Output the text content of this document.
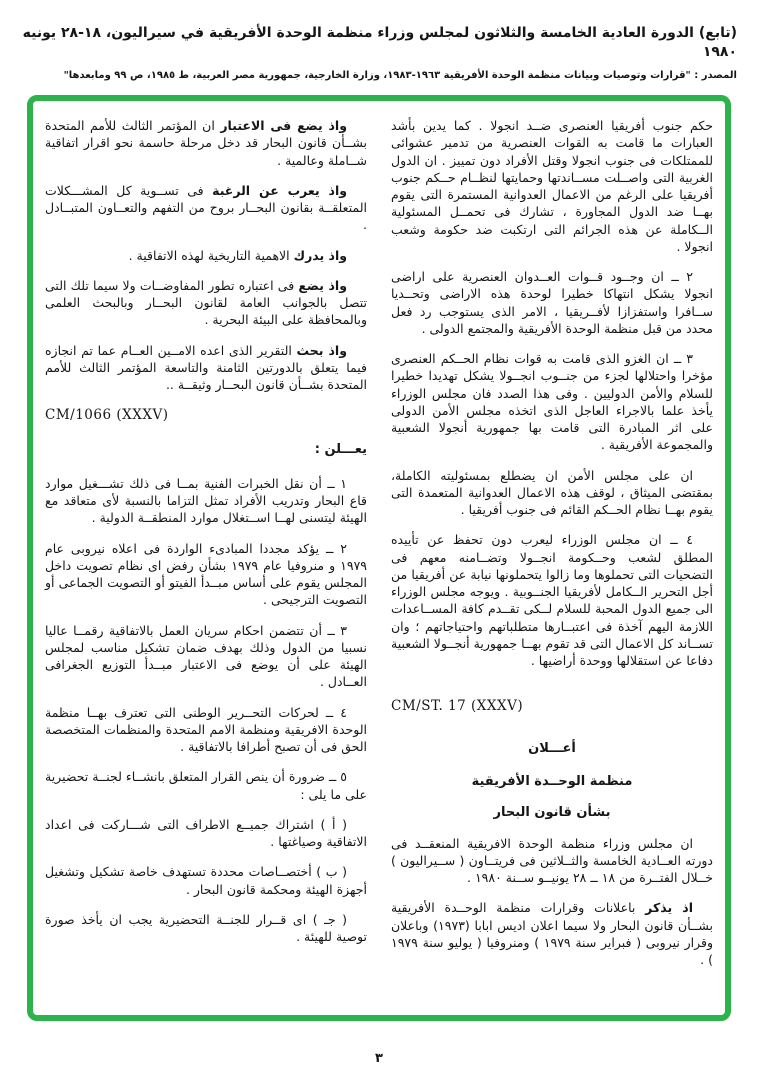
(تابع) الدورة العادية الخامسة والثلاثون لمجلس وزراء منظمة الوحدة الأفريقية في سيراليون، ١٨-٢٨ يونيه ١٩٨٠
المصدر : "قرارات وتوصيات وبيانات منظمة الوحدة الأفريقية ١٩٦٣-١٩٨٣، وزارة الخارجية، جمهورية مصر العربية، ط ١٩٨٥، ص ٩٩ ومابعدها"

حكم جنوب أفريقيا العنصرى ضــد انجولا . كما يدين بأشد العبارات ما قامت به القوات العنصرية من تدمير عشوائى للممتلكات فى جنوب انجولا وقتل الأفراد دون تمييز . ان الدول الغربية التى واصــلت مســاندتها وحمايتها لنظــام حــكم جنوب أفريقيا على الرغم من الاعمال العدوانية المستمرة التى يقوم بهــا ضد الدول المجاورة ، تشارك فى تحمــل المسئولية الــكاملة عن هذه الجرائم التى ارتكبت ضد حكومة وشعب انجولا .

٢ ــ ان وجــود قــوات العــدوان العنصرية على اراضى انجولا يشكل انتهاكا خطيرا لوحدة هذه الاراضى وتحــديا ســافرا واستفزازا لأفــريقيا ، الامر الذى يستوجب رد فعل محدد من قبل منظمة الوحدة الأفريقية والمجتمع الدولى .

٣ ــ ان الغزو الذى قامت به قوات نظام الحــكم العنصرى مؤخرا واحتلالها لجزء من جنــوب انجــولا يشكل تهديدا خطيرا للسلام والأمن الدوليين . وفى هذا الصدد فان مجلس الوزراء يأخذ علما بالاجراء العاجل الذى اتخذه مجلس الأمن الدولى على اثر المبادرة التى قامت بها جمهورية أنجولا الشعبية والمجموعة الأفريقية .

ان على مجلس الأمن ان يضطلع بمسئوليته الكاملة، بمقتضى الميثاق ، لوقف هذه الاعمال العدوانية المتعمدة التى يقوم بهــا نظام الحــكم القائم فى جنوب أفريقيا .

٤ ــ ان مجلس الوزراء ليعرب دون تحفظ عن تأييده المطلق لشعب وحــكومة انجــولا وتضــامنه معهم فى التضحيات التى تحملوها وما زالوا يتحملونها نيابة عن أفريقيا من أجل التحرير الــكامل لأفريقيا الجنــوبية . ويوجه مجلس الوزراء الى جميع الدول المحبة للسلام لــكى تقــدم كافة المســاعدات اللازمة اليهم آخذة فى اعتبــارها متطلباتهم واحتياجاتهم ؛ وان تســاند كل الاعمال التى قد تقوم بهــا جمهورية أنجــولا الشعبية دفاعا عن استقلالها ووحدة أراضيها .

CM/ST. 17 (XXXV)
أعـــلان
منظمة الوحــدة الأفريقية
بشأن قانون البحار

ان مجلس وزراء منظمة الوحدة الافريقية المنعقــد فى دورته العــادية الخامسة والثــلاثين فى فريتــاون ( ســيراليون ) خــلال الفتــرة من ١٨ ــ ٢٨ يونيــو ســنة ١٩٨٠ .

اذ يذكر باعلانات وقرارات منظمة الوحــدة الأفريقية بشــأن قانون البحار ولا سيما اعلان اديس ابابا (١٩٧٣) وباعلان وقرار نيروبى ( فبراير سنة ١٩٧٩ ) ومنروفيا ( يوليو سنة ١٩٧٩ ) .

واذ يضع فى الاعتبار ان المؤتمر الثالث للأمم المتحدة بشــأن قانون البحار قد دخل مرحلة حاسمة نحو اقرار اتفاقية شــاملة وعالمية .

واذ يعرب عن الرغبة فى تســوية كل المشـــكلات المتعلقــة بقانون البحــار بروح من التفهم والتعــاون المتبــادل .

واذ يدرك الاهمية التاريخية لهذه الاتفاقية .

واذ يضع فى اعتباره تطور المفاوضــات ولا سيما تلك التى تتصل بالجوانب العامة لقانون البحــار وبالبحث العلمى وبالمحافظة على البيئة البحرية .

واذ بحث التقرير الذى اعده الامــين العــام عما تم انجازه فيما يتعلق بالدورتين الثامنة والتاسعة المؤتمر الثالث للأمم المتحدة بشــأن قانون البحــار وثيقــة ..

CM/1066 (XXXV)
يعـــلن :

١ ــ أن نقل الخبرات الفنية بمــا فى ذلك تشـــغيل موارد قاع البحار وتدريب الأفراد تمثل التزاما بالنسبة لأى متعاقد مع الهيئة ليتسنى لهــا اســتغلال موارد المنطقــة الدولية .

٢ ــ يؤكد مجددا المبادىء الواردة فى اعلاه نيروبى عام ١٩٧٩ و منروفيا عام ١٩٧٩ بشأن رفض اى نظام تصويت داخل المجلس يقوم على أساس مبــدأ الفيتو أو التصويت الجماعى أو التصويت الترجيحى .

٣ ــ أن تتضمن احكام سريان العمل بالاتفاقية رقمــا عاليا نسبيا من الدول وذلك بهدف ضمان تشكيل مناسب لمجلس الهيئة على أن يوضع فى الاعتبار مبــدأ التوزيع الجغرافى العــادل .

٤ ــ لحركات التحــرير الوطنى التى تعترف بهــا منظمة الوحدة الافريقية ومنظمة الامم المتحدة والمنظمات المتخصصة الحق فى أن تصبح أطرافا بالاتفاقية .

٥ ــ ضرورة أن ينص القرار المتعلق بانشــاء لجنــة تحضيرية على ما يلى :

( أ ) اشتراك جميــع الاطراف التى شـــاركت فى اعداد الاتفاقية وصياغتها .

( ب ) أختصــاصات محددة تستهدف خاصة تشكيل وتشغيل أجهزة الهيئة ومحكمة قانون البحار .

( جـ ) اى قــرار للجنــة التحضيرية يجب ان يأخذ صورة توصية للهيئة .

٣
